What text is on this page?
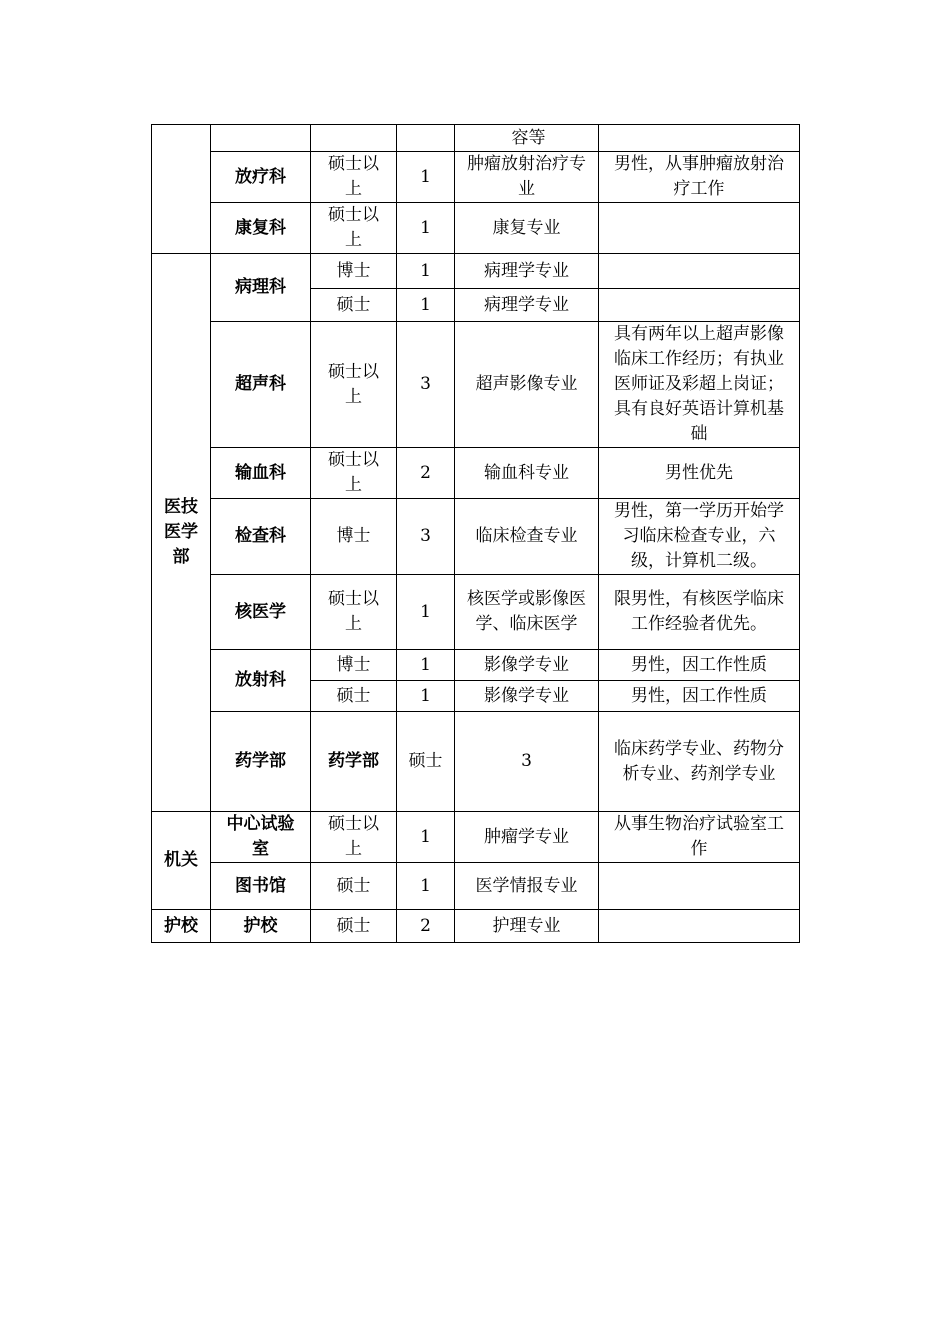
				容等		
	放疗科	硕士以上	1	肿瘤放射治疗专业	男性，从事肿瘤放射治疗工作	
	康复科	硕士以上	1	康复专业		
医技医学部	病理科	博士	1	病理学专业		
		硕士	1	病理学专业		
	超声科	硕士以上	3	超声影像专业	具有两年以上超声影像临床工作经历；有执业医师证及彩超上岗证；具有良好英语计算机基础	
	输血科	硕士以上	2	输血科专业	男性优先	
	检查科	博士	3	临床检查专业	男性，第一学历开始学习临床检查专业，六级，计算机二级。	
	核医学	硕士以上	1	核医学或影像医学、临床医学	限男性，有核医学临床工作经验者优先。	
	放射科	博士	1	影像学专业	男性，因工作性质	
		硕士	1	影像学专业	男性，因工作性质	
	药学部	药学部	硕士	3	临床药学专业、药物分析专业、药剂学专业	
机关	中心试验室	硕士以上	1	肿瘤学专业	从事生物治疗试验室工作	
	图书馆	硕士	1	医学情报专业		
护校	护校	硕士	2	护理专业		
